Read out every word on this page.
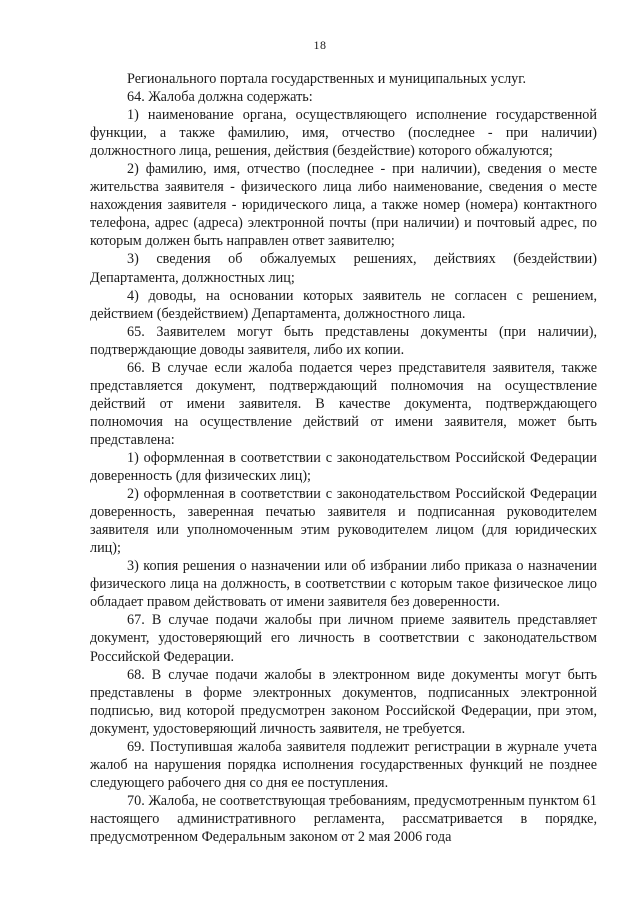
18

Регионального портала государственных и муниципальных услуг.

64. Жалоба должна содержать:

1) наименование органа, осуществляющего исполнение государственной функции, а также фамилию, имя, отчество (последнее - при наличии) должностного лица, решения, действия (бездействие) которого обжалуются;

2) фамилию, имя, отчество (последнее - при наличии), сведения о месте жительства заявителя - физического лица либо наименование, сведения о месте нахождения заявителя - юридического лица, а также номер (номера) контактного телефона, адрес (адреса) электронной почты (при наличии) и почтовый адрес, по которым должен быть направлен ответ заявителю;

3) сведения об обжалуемых решениях, действиях (бездействии) Департамента, должностных лиц;

4) доводы, на основании которых заявитель не согласен с решением, действием (бездействием) Департамента, должностного лица.

65. Заявителем могут быть представлены документы (при наличии), подтверждающие доводы заявителя, либо их копии.

66. В случае если жалоба подается через представителя заявителя, также представляется документ, подтверждающий полномочия на осуществление действий от имени заявителя. В качестве документа, подтверждающего полномочия на осуществление действий от имени заявителя, может быть представлена:

1) оформленная в соответствии с законодательством Российской Федерации доверенность (для физических лиц);

2) оформленная в соответствии с законодательством Российской Федерации доверенность, заверенная печатью заявителя и подписанная руководителем заявителя или уполномоченным этим руководителем лицом (для юридических лиц);

3) копия решения о назначении или об избрании либо приказа о назначении физического лица на должность, в соответствии с которым такое физическое лицо обладает правом действовать от имени заявителя без доверенности.

67. В случае подачи жалобы при личном приеме заявитель представляет документ, удостоверяющий его личность в соответствии с законодательством Российской Федерации.

68. В случае подачи жалобы в электронном виде документы могут быть представлены в форме электронных документов, подписанных электронной подписью, вид которой предусмотрен законом Российской Федерации, при этом, документ, удостоверяющий личность заявителя, не требуется.

69. Поступившая жалоба заявителя подлежит регистрации в журнале учета жалоб на нарушения порядка исполнения государственных функций не позднее следующего рабочего дня со дня ее поступления.

70. Жалоба, не соответствующая требованиям, предусмотренным пунктом 61 настоящего административного регламента, рассматривается в порядке, предусмотренном Федеральным законом от 2 мая 2006 года
